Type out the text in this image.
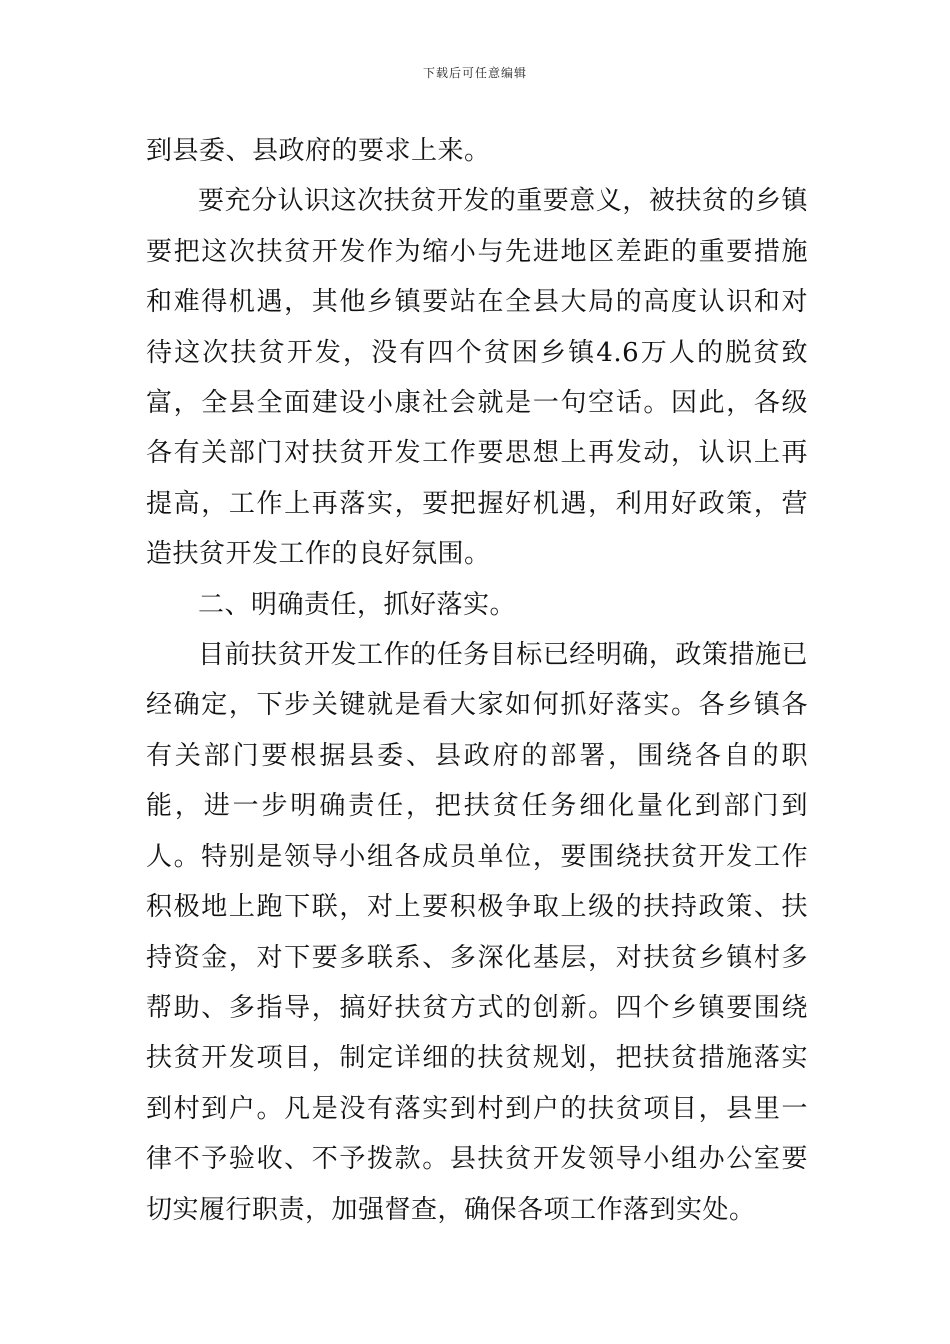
下载后可任意编辑

到县委、县政府的要求上来。

要充分认识这次扶贫开发的重要意义，被扶贫的乡镇要把这次扶贫开发作为缩小与先进地区差距的重要措施和难得机遇，其他乡镇要站在全县大局的高度认识和对待这次扶贫开发，没有四个贫困乡镇4.6万人的脱贫致富，全县全面建设小康社会就是一句空话。因此，各级各有关部门对扶贫开发工作要思想上再发动，认识上再提高，工作上再落实，要把握好机遇，利用好政策，营造扶贫开发工作的良好氛围。

二、明确责任，抓好落实。

目前扶贫开发工作的任务目标已经明确，政策措施已经确定，下步关键就是看大家如何抓好落实。各乡镇各有关部门要根据县委、县政府的部署，围绕各自的职能，进一步明确责任，把扶贫任务细化量化到部门到人。特别是领导小组各成员单位，要围绕扶贫开发工作积极地上跑下联，对上要积极争取上级的扶持政策、扶持资金，对下要多联系、多深化基层，对扶贫乡镇村多帮助、多指导，搞好扶贫方式的创新。四个乡镇要围绕扶贫开发项目，制定详细的扶贫规划，把扶贫措施落实到村到户。凡是没有落实到村到户的扶贫项目，县里一律不予验收、不予拨款。县扶贫开发领导小组办公室要切实履行职责，加强督查，确保各项工作落到实处。
